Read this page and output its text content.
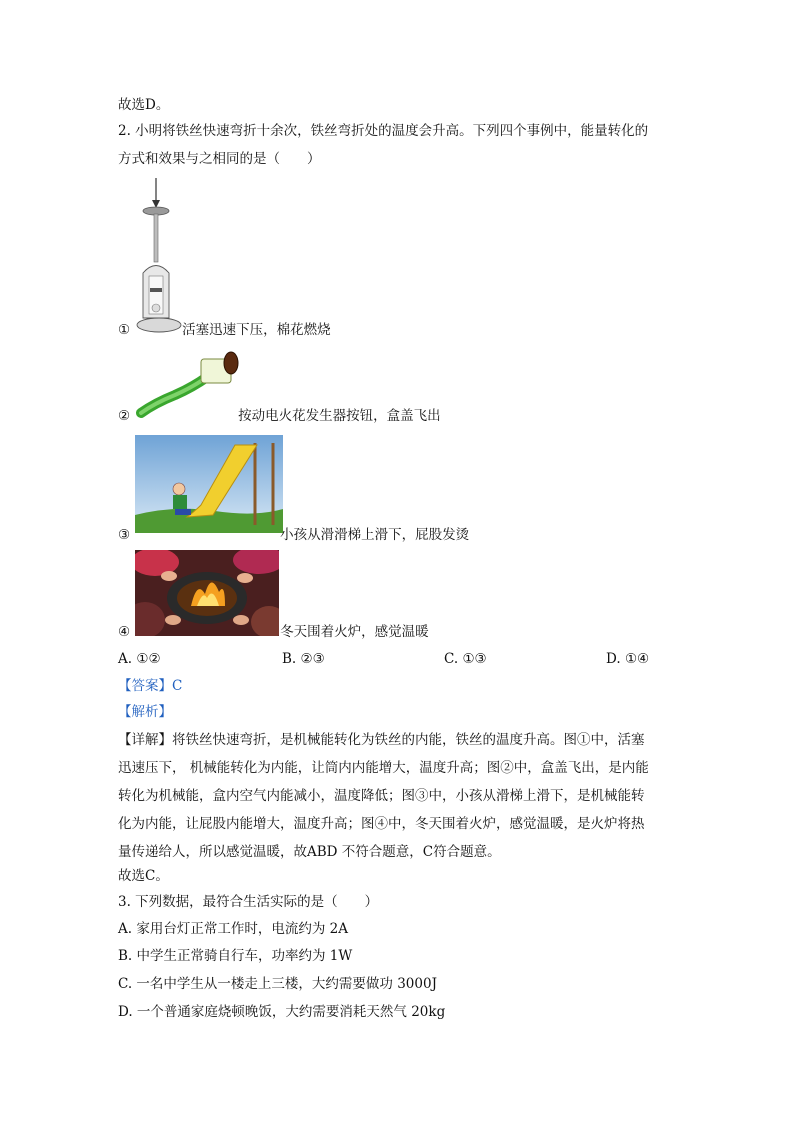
故选D。
2. 小明将铁丝快速弯折十余次，铁丝弯折处的温度会升高。下列四个事例中，能量转化的
方式和效果与之相同的是（　　）
①	活塞迅速下压，棉花燃烧
②	按动电火花发生器按钮，盒盖飞出
③	小孩从滑滑梯上滑下，屁股发烫
④	冬天围着火炉，感觉温暖
A. ①②	B. ②③	C. ①③	D. ①④
【答案】C
【解析】
【详解】将铁丝快速弯折，是机械能转化为铁丝的内能，铁丝的温度升高。图①中，活塞
迅速压下， 机械能转化为内能，让筒内内能增大，温度升高；图②中，盒盖飞出，是内能
转化为机械能，盒内空气内能减小，温度降低；图③中，小孩从滑梯上滑下，是机械能转
化为内能，让屁股内能增大，温度升高；图④中，冬天围着火炉，感觉温暖，是火炉将热
量传递给人，所以感觉温暖，故ABD 不符合题意，C符合题意。
故选C。
3. 下列数据，最符合生活实际的是（　　）
A. 家用台灯正常工作时，电流约为 2A
B. 中学生正常骑自行车，功率约为 1W
C. 一名中学生从一楼走上三楼，大约需要做功 3000J
D. 一个普通家庭烧顿晚饭，大约需要消耗天然气 20kg
